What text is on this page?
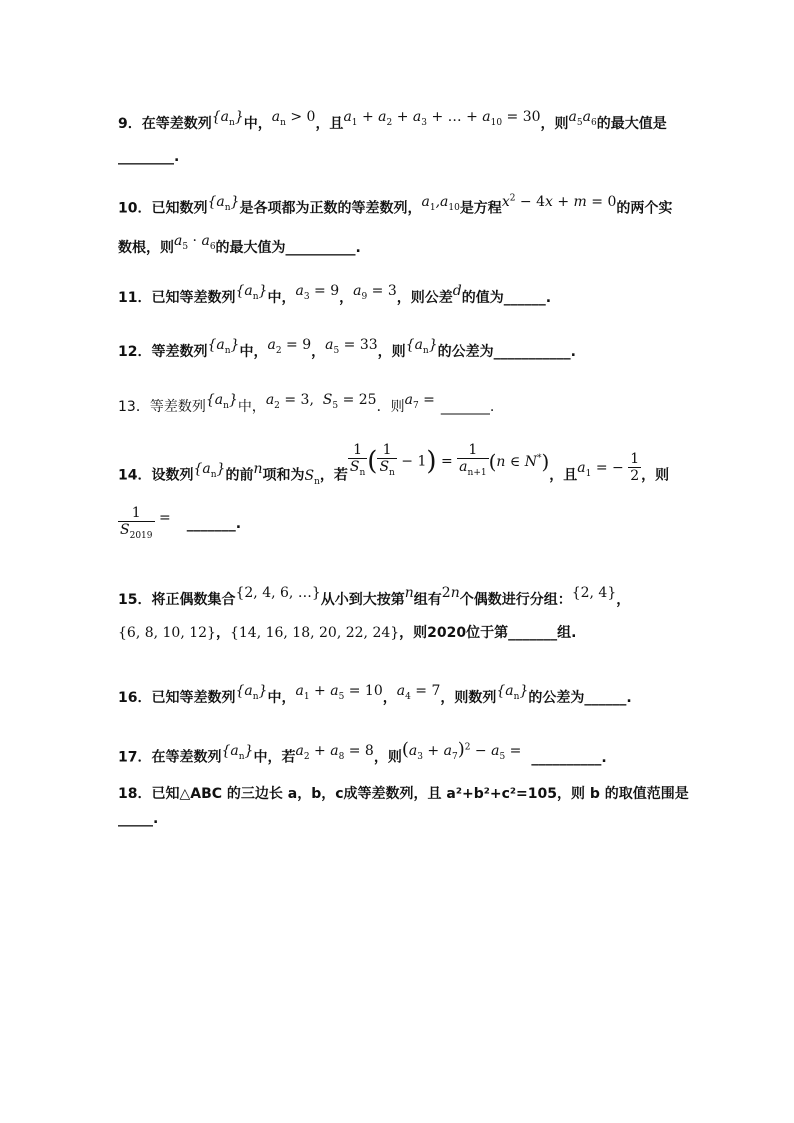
9．在等差数列$\{a_n\}$中，$a_n > 0$，且$a_1 + a_2 + a_3$ + … + $a_{10} = 30$，则$a_5a_6$的最大值是
________.
10．已知数列$\{a_n\}$是各项都为正数的等差数列，$a_1,a_{10}$是方程$x^2 - 4x + m = 0$的两个实
数根，则$a_5 \cdot a_6$的最大值为__________.
11．已知等差数列$\{a_n\}$中，$a_3 = 9$，$a_9 = 3$，则公差d的值为______.
12．等差数列$\{a_n\}$中，$a_2 = 9$，$a_5 = 33$，则$\{a_n\}$的公差为___________.
13．等差数列$\{a_n\}$中，$a_2 = 3$,  $S_5 = 25$．则$a_7$ = _______.
14．设数列$\{a_n\}$的前n项和为$S_n$，若 $\frac{1}{S_n}$ ( $\frac{1}{S_n} - 1) = \frac{1}{a_{n+1}} (n$ ∈ N*)，且$a_1$ = − $\frac{1}{2}$ ，则
$\frac{1}{S_{2019}}$ = _______.
15．将正偶数集合{2, 4, 6, …}从小到大按第n组有2n个偶数进行分组：{2, 4}，
{6, 8, 10, 12}，{14, 16, 18, 20, 22, 24}，则2020位于第_______组.
16．已知等差数列$\{a_n\}$中，$a_1 + a_5 = 10$，$a_4 = 7$，则数列$\{a_n\}$的公差为______.
17．在等差数列$\{a_n\}$中，若$a_2 + a_8 = 8$，则$(a_3 + a_7)^2 - a_5$ = __________.
18．已知△ABC 的三边长 a，b，c成等差数列，且 a²+b²+c²=105，则 b 的取值范围是
_____.
